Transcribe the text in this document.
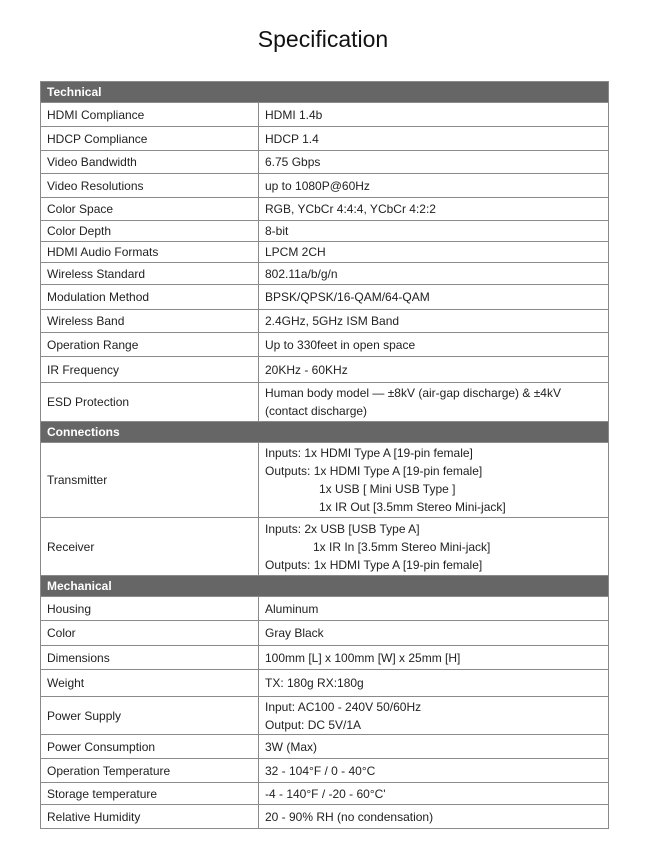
Specification
Technical	
HDMI Compliance	HDMI 1.4b
HDCP Compliance	HDCP 1.4
Video Bandwidth	6.75 Gbps
Video Resolutions	up to 1080P@60Hz
Color Space	RGB, YCbCr 4:4:4, YCbCr 4:2:2
Color Depth	8-bit
HDMI Audio Formats	LPCM 2CH
Wireless Standard	802.11a/b/g/n
Modulation Method	BPSK/QPSK/16-QAM/64-QAM
Wireless Band	2.4GHz, 5GHz ISM Band
Operation Range	Up to 330feet in open space
IR Frequency	20KHz - 60KHz
ESD Protection	Human body model — ±8kV (air-gap discharge) & ±4kV
(contact discharge)

Connections	
Transmitter	Inputs: 1x HDMI Type A [19-pin female]
Outputs: 1x HDMI Type A [19-pin female]
1x USB [ Mini USB Type ]
1x IR Out [3.5mm Stereo Mini-jack]

Receiver	Inputs: 2x USB [USB Type A]
1x IR In [3.5mm Stereo Mini-jack]
Outputs: 1x HDMI Type A [19-pin female]

Mechanical	
Housing	Aluminum
Color	Gray Black
Dimensions	100mm [L] x 100mm [W] x 25mm [H]
Weight	TX: 180g RX:180g
Power Supply	Input: AC100 - 240V 50/60Hz
Output: DC 5V/1A

Power Consumption	3W (Max)
Operation Temperature	32 - 104°F / 0 - 40°C
Storage temperature	-4 - 140°F / -20 - 60°C'
Relative Humidity	20 - 90% RH (no condensation)
